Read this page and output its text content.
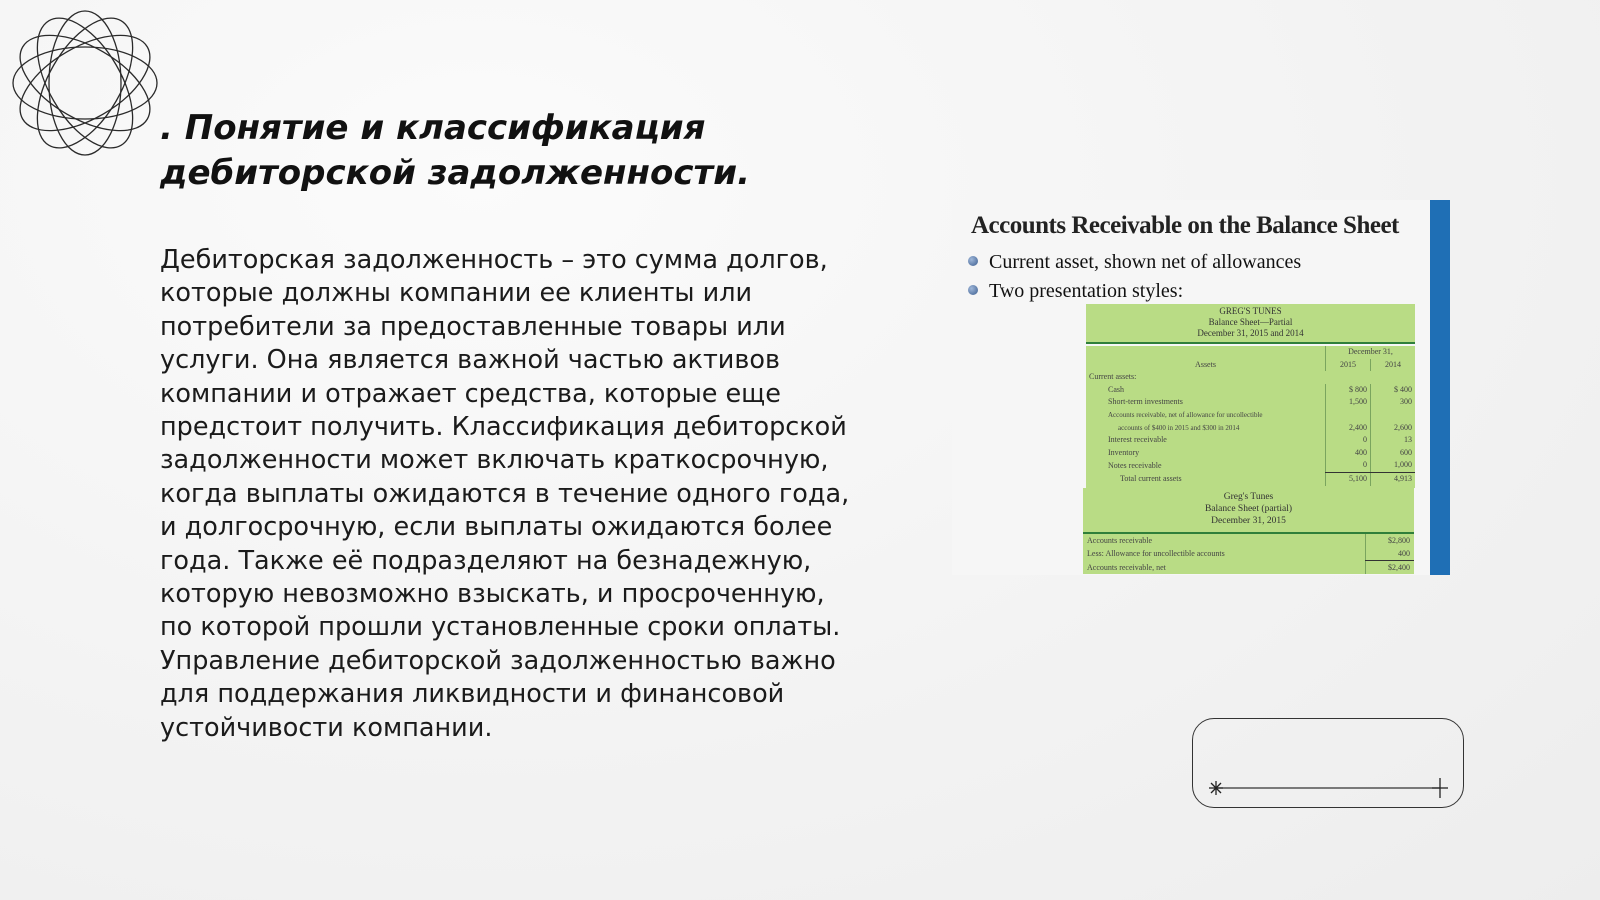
. Понятие и классификация дебиторской задолженности.

Дебиторская задолженность – это сумма долгов, которые должны компании ее клиенты или потребители за предоставленные товары или услуги. Она является важной частью активов компании и отражает средства, которые еще предстоит получить. Классификация дебиторской задолженности может включать краткосрочную, когда выплаты ожидаются в течение одного года, и долгосрочную, если выплаты ожидаются более года. Также её подразделяют на безнадежную, которую невозможно взыскать, и просроченную, по которой прошли установленные сроки оплаты. Управление дебиторской задолженностью важно для поддержания ликвидности и финансовой устойчивости компании.

Accounts Receivable on the Balance Sheet
Current asset, shown net of allowances
Two presentation styles:
GREG'S TUNES
Balance Sheet—Partial
December 31, 2015 and 2014
	December 31,	
Assets	2015	2014
Current assets:		
Cash	$ 800	$ 400
Short-term investments	1,500	300
Accounts receivable, net of allowance for uncollectible		
accounts of $400 in 2015 and $300 in 2014	2,400	2,600
Interest receivable	0	13
Inventory	400	600
Notes receivable	0	1,000
Total current assets	5,100	4,913
Greg's Tunes
Balance Sheet (partial)
December 31, 2015
Accounts receivable	$2,800
Less: Allowance for uncollectible accounts	400
Accounts receivable, net	$2,400
